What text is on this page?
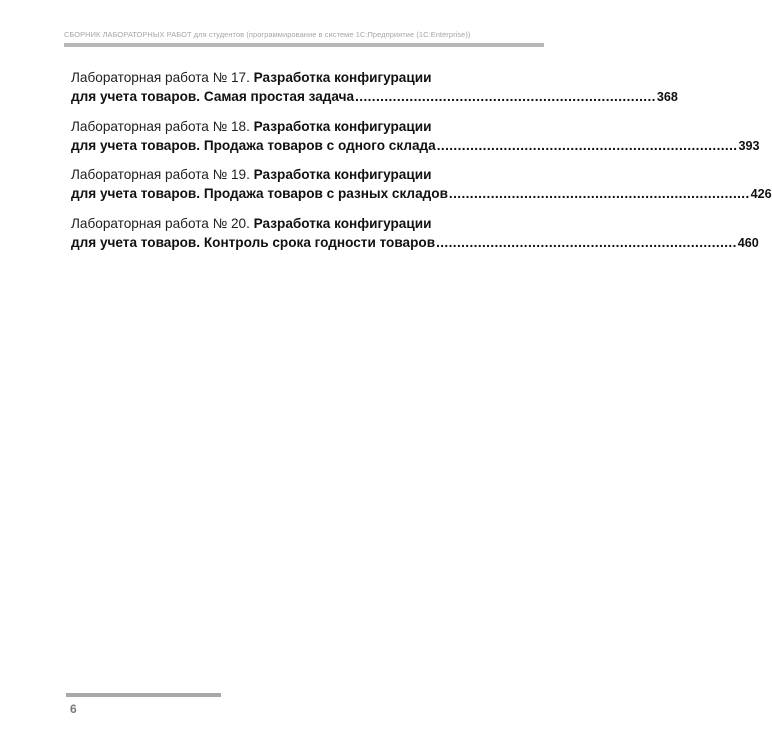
СБОРНИК ЛАБОРАТОРНЫХ РАБОТ для студентов (программирование в системе 1С:Предприятие (1С:Enterprise))
Лабораторная работа № 17. Разработка конфигурации
для учета товаров. Самая простая задача ........................................................................ 368
Лабораторная работа № 18. Разработка конфигурации
для учета товаров. Продажа товаров с одного склада ........................................................................ 393
Лабораторная работа № 19. Разработка конфигурации
для учета товаров. Продажа товаров с разных складов ........................................................................ 426
Лабораторная работа № 20. Разработка конфигурации
для учета товаров. Контроль срока годности товаров ........................................................................ 460
6
